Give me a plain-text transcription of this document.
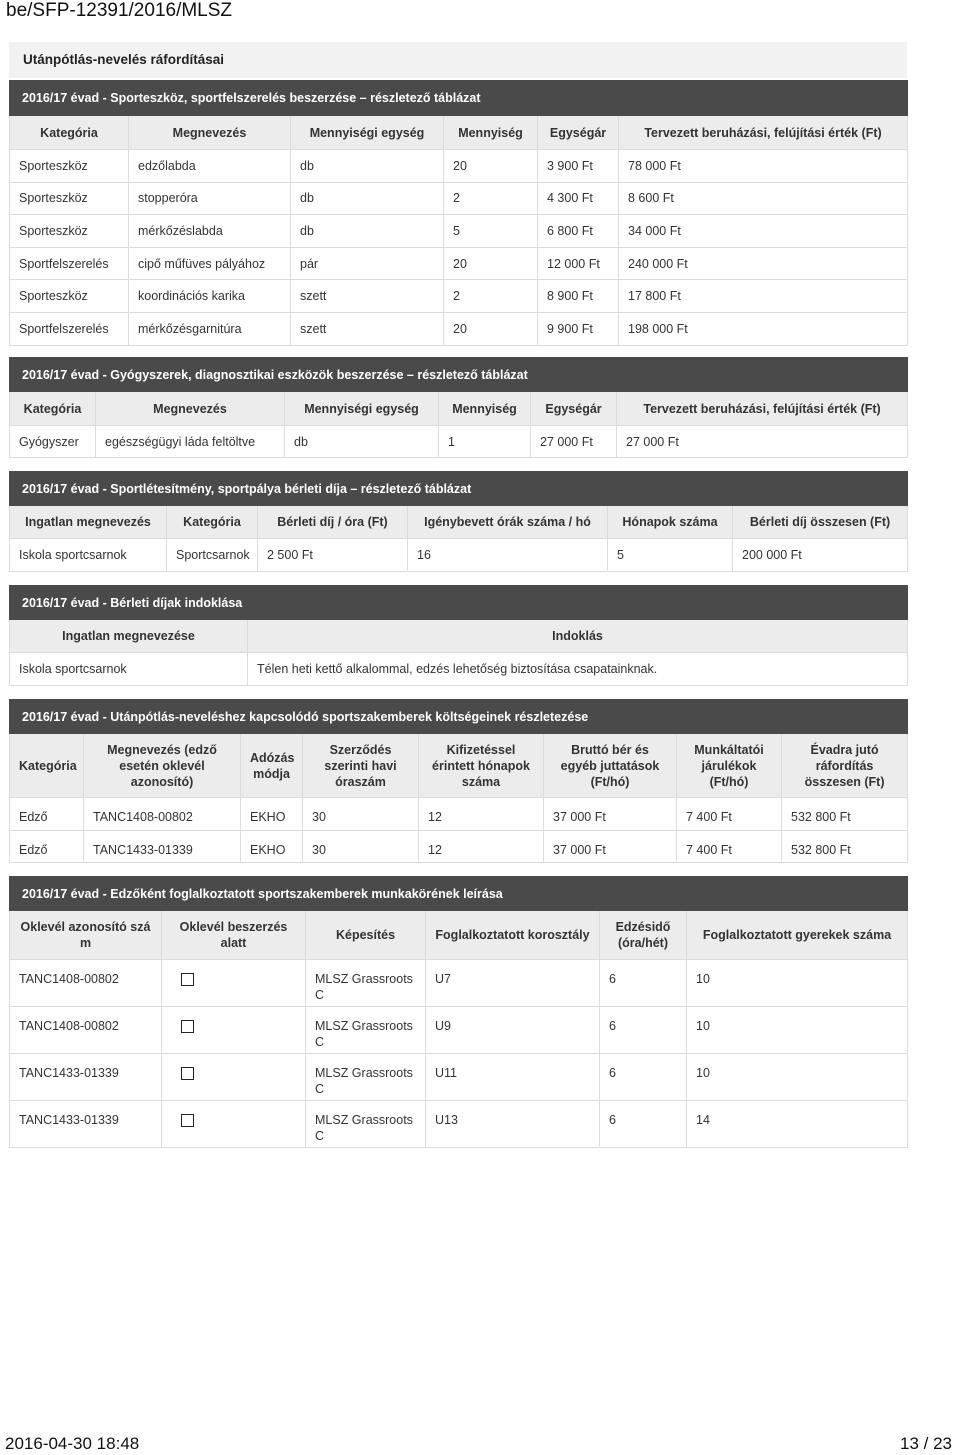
be/SFP-12391/2016/MLSZ
Utánpótlás-nevelés ráfordításai
2016/17 évad - Sporteszköz, sportfelszerelés beszerzése – részletező táblázat					
Kategória	Megnevezés	Mennyiségi egység	Mennyiség	Egységár	Tervezett beruházási, felújítási érték (Ft)
Sporteszköz	edzőlabda	db	20	3 900 Ft	78 000 Ft
Sporteszköz	stopperóra	db	2	4 300 Ft	8 600 Ft
Sporteszköz	mérkőzéslabda	db	5	6 800 Ft	34 000 Ft
Sportfelszerelés	cipő műfüves pályához	pár	20	12 000 Ft	240 000 Ft
Sporteszköz	koordinációs karika	szett	2	8 900 Ft	17 800 Ft
Sportfelszerelés	mérkőzésgarnitúra	szett	20	9 900 Ft	198 000 Ft
2016/17 évad - Gyógyszerek, diagnosztikai eszközök beszerzése – részletező táblázat					
Kategória	Megnevezés	Mennyiségi egység	Mennyiség	Egységár	Tervezett beruházási, felújítási érték (Ft)
Gyógyszer	egészségügyi láda feltöltve	db	1	27 000 Ft	27 000 Ft
2016/17 évad - Sportlétesítmény, sportpálya bérleti díja – részletező táblázat					
Ingatlan megnevezés	Kategória	Bérleti díj / óra (Ft)	Igénybevett órák száma / hó	Hónapok száma	Bérleti díj összesen (Ft)
Iskola sportcsarnok	Sportcsarnok	2 500 Ft	16	5	200 000 Ft
2016/17 évad - Bérleti díjak indoklása	
Ingatlan megnevezése	Indoklás
Iskola sportcsarnok	Télen heti kettő alkalommal, edzés lehetőség biztosítása csapatainknak.
2016/17 évad - Utánpótlás-neveléshez kapcsolódó sportszakemberek költségeinek részletezése							
Kategória	Megnevezés (edző esetén oklevél azonosító)	Adózás módja	Szerződés szerinti havi óraszám	Kifizetéssel érintett hónapok száma	Bruttó bér és egyéb juttatások (Ft/hó)	Munkáltatói járulékok (Ft/hó)	Évadra jutó ráfordítás összesen (Ft)
Edző	TANC1408-00802	EKHO	30	12	37 000 Ft	7 400 Ft	532 800 Ft
Edző	TANC1433-01339	EKHO	30	12	37 000 Ft	7 400 Ft	532 800 Ft
2016/17 évad - Edzőként foglalkoztatott sportszakemberek munkakörének leírása					
Oklevél azonosító szá m	Oklevél beszerzés alatt	Képesítés	Foglalkoztatott korosztály	Edzésidő (óra/hét)	Foglalkoztatott gyerekek száma
TANC1408-00802		MLSZ Grassroots C	U7	6	10
TANC1408-00802		MLSZ Grassroots C	U9	6	10
TANC1433-01339		MLSZ Grassroots C	U11	6	10
TANC1433-01339		MLSZ Grassroots C	U13	6	14
2016-04-30 18:48	13 / 23
